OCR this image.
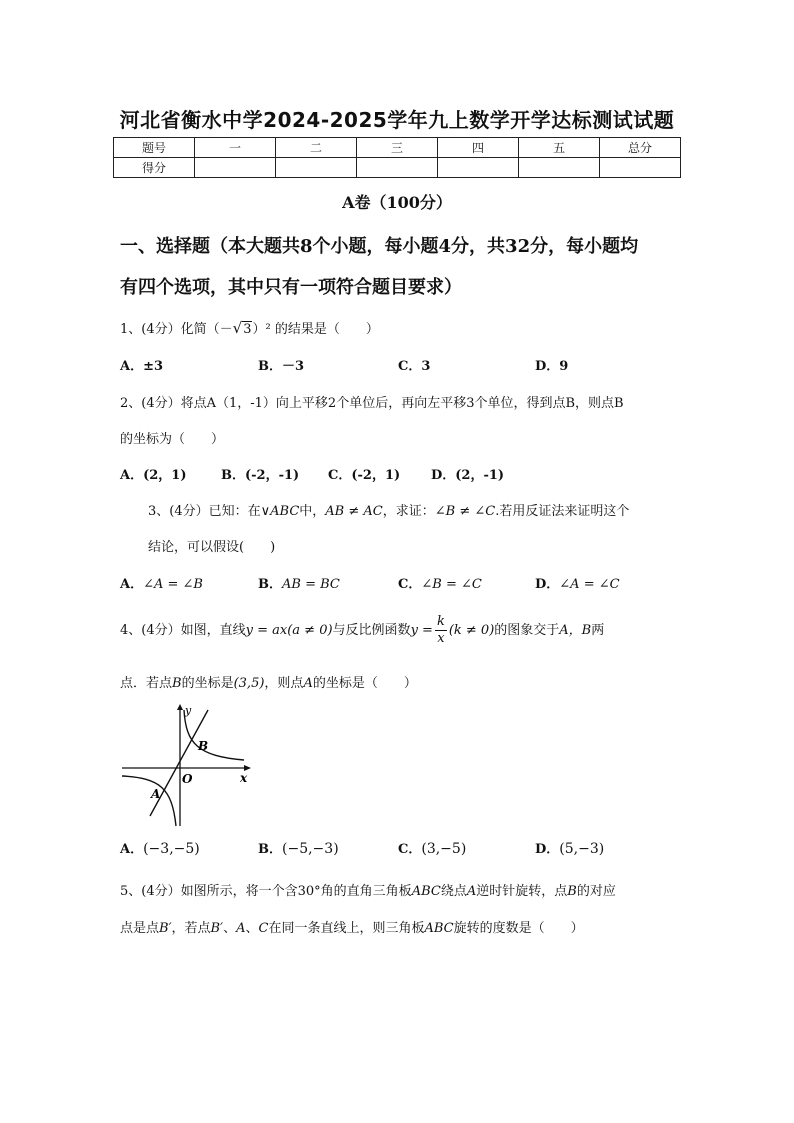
河北省衡水中学2024-2025学年九上数学开学达标测试试题
题号	一	二	三	四	五	总分
得分						
A卷（100分）
一、选择题（本大题共8个小题，每小题4分，共32分，每小题均
有四个选项，其中只有一项符合题目要求）
1、(4分）化简（－√3）² 的结果是（　　）
A．±3	B．－3	C．3	D．9
2、(4分）将点A（1，-1）向上平移2个单位后，再向左平移3个单位，得到点B，则点B
的坐标为（　　）
A．(2，1)	B．(-2，-1) C．(-2，1) D．(2，-1)
3、(4分）已知：在∨ABC中，AB ≠ AC，求证：∠B ≠ ∠C.若用反证法来证明这个
结论，可以假设(　　)
A．∠A = ∠B	B．AB = BC	C．∠B = ∠C	D．∠A = ∠C
4、(4分）如图，直线y = ax(a ≠ 0)与反比例函数$y = \frac{k}{x} (k \ne 0)$的图象交于A，B两
点．若点B的坐标是(3,5)，则点A的坐标是（　　）
y
x
O
A
B
A．(−3,−5)	B．(−5,−3)	C．(3,−5)	D．(5,−3)
5、(4分）如图所示，将一个含30°角的直角三角板ABC绕点A逆时针旋转，点B的对应
点是点B′，若点B′、A、C在同一条直线上，则三角板ABC旋转的度数是（　　）
